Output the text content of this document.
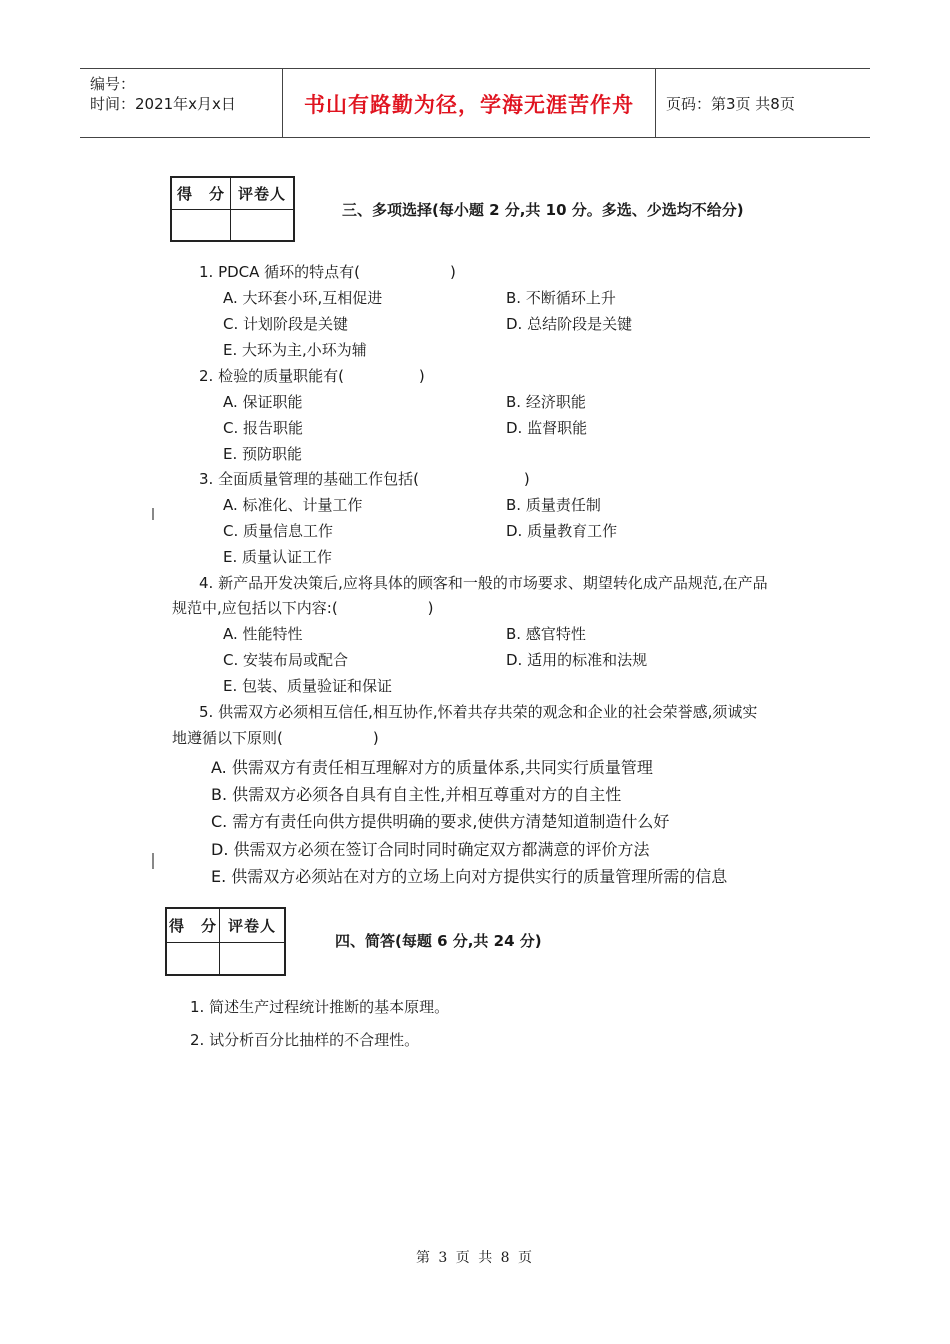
编号：
时间：2021年x月x日	书山有路勤为径，学海无涯苦作舟	页码：第3页 共8页
得　分	评卷人

三、多项选择(每小题 2 分,共 10 分。多选、少选均不给分)
1. PDCA 循环的特点有(　　　　　　)
A. 大环套小环,互相促进	B. 不断循环上升
C. 计划阶段是关键	D. 总结阶段是关键
E. 大环为主,小环为辅
2. 检验的质量职能有(　　　　　)
A. 保证职能	B. 经济职能
C. 报告职能	D. 监督职能
E. 预防职能
3. 全面质量管理的基础工作包括(　　　　　　　)
A. 标准化、计量工作	B. 质量责任制
C. 质量信息工作	D. 质量教育工作
E. 质量认证工作
4. 新产品开发决策后,应将具体的顾客和一般的市场要求、期望转化成产品规范,在产品
规范中,应包括以下内容:(　　　　　　)
A. 性能特性	B. 感官特性
C. 安装布局或配合	D. 适用的标准和法规
E. 包装、质量验证和保证
5. 供需双方必须相互信任,相互协作,怀着共存共荣的观念和企业的社会荣誉感,须诚实
地遵循以下原则(　　　　　　)
A. 供需双方有责任相互理解对方的质量体系,共同实行质量管理
B. 供需双方必须各自具有自主性,并相互尊重对方的自主性
C. 需方有责任向供方提供明确的要求,使供方清楚知道制造什么好
D. 供需双方必须在签订合同时同时确定双方都满意的评价方法
E. 供需双方必须站在对方的立场上向对方提供实行的质量管理所需的信息
得　分	评卷人

四、简答(每题 6 分,共 24 分)
1. 简述生产过程统计推断的基本原理。
2. 试分析百分比抽样的不合理性。
第 3 页 共 8 页
